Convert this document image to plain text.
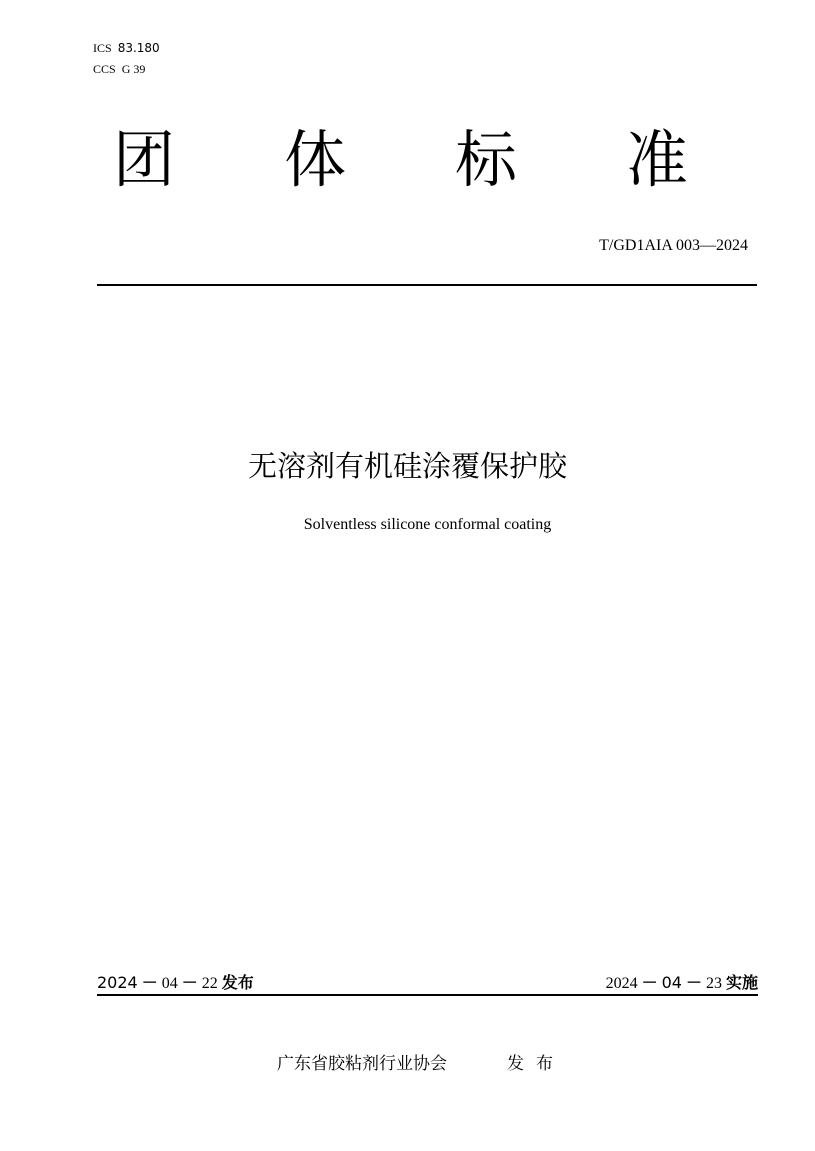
ICS 83.180
CCS G 39
团 体 标 准
T/GD1AIA 003—2024
无溶剂有机硅涂覆保护胶
Solventless silicone conformal coating
2024 － 04 － 22 发布	2024 － 04 － 23 实施
广东省胶粘剂行业协会	发布
